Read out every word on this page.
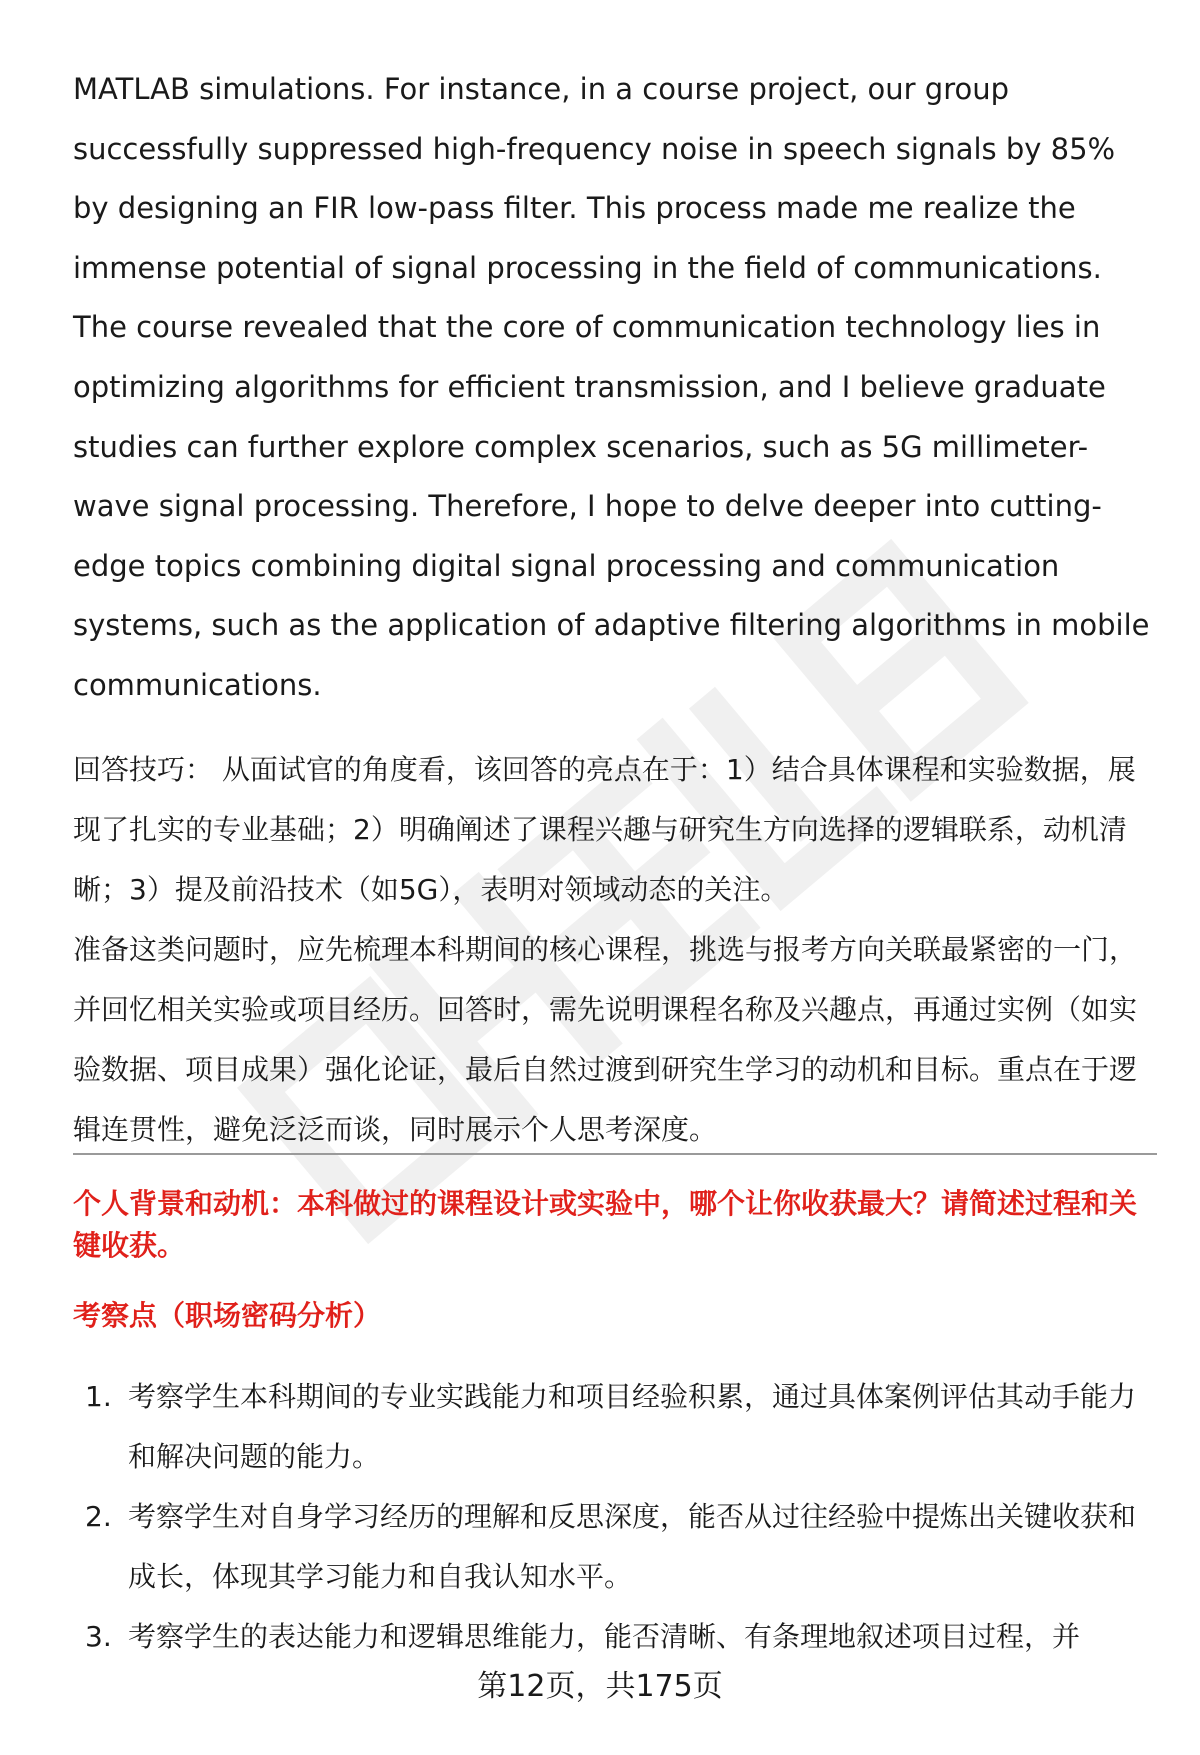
MATLAB simulations. For instance, in a course project, our group successfully suppressed high-frequency noise in speech signals by 85% by designing an FIR low-pass filter. This process made me realize the immense potential of signal processing in the field of communications. The course revealed that the core of communication technology lies in optimizing algorithms for efficient transmission, and I believe graduate studies can further explore complex scenarios, such as 5G millimeter-wave signal processing. Therefore, I hope to delve deeper into cutting-edge topics combining digital signal processing and communication systems, such as the application of adaptive filtering algorithms in mobile communications.

回答技巧： 从面试官的角度看，该回答的亮点在于：1）结合具体课程和实验数据，展现了扎实的专业基础；2）明确阐述了课程兴趣与研究生方向选择的逻辑联系，动机清晰；3）提及前沿技术（如5G），表明对领域动态的关注。

准备这类问题时，应先梳理本科期间的核心课程，挑选与报考方向关联最紧密的一门，并回忆相关实验或项目经历。回答时，需先说明课程名称及兴趣点，再通过实例（如实验数据、项目成果）强化论证，最后自然过渡到研究生学习的动机和目标。重点在于逻辑连贯性，避免泛泛而谈，同时展示个人思考深度。

个人背景和动机：本科做过的课程设计或实验中，哪个让你收获最大？请简述过程和关键收获。
考察点（职场密码分析）
1. 考察学生本科期间的专业实践能力和项目经验积累，通过具体案例评估其动手能力和解决问题的能力。
2. 考察学生对自身学习经历的理解和反思深度，能否从过往经验中提炼出关键收获和成长，体现其学习能力和自我认知水平。
3. 考察学生的表达能力和逻辑思维能力，能否清晰、有条理地叙述项目过程，并
第12页，共175页
